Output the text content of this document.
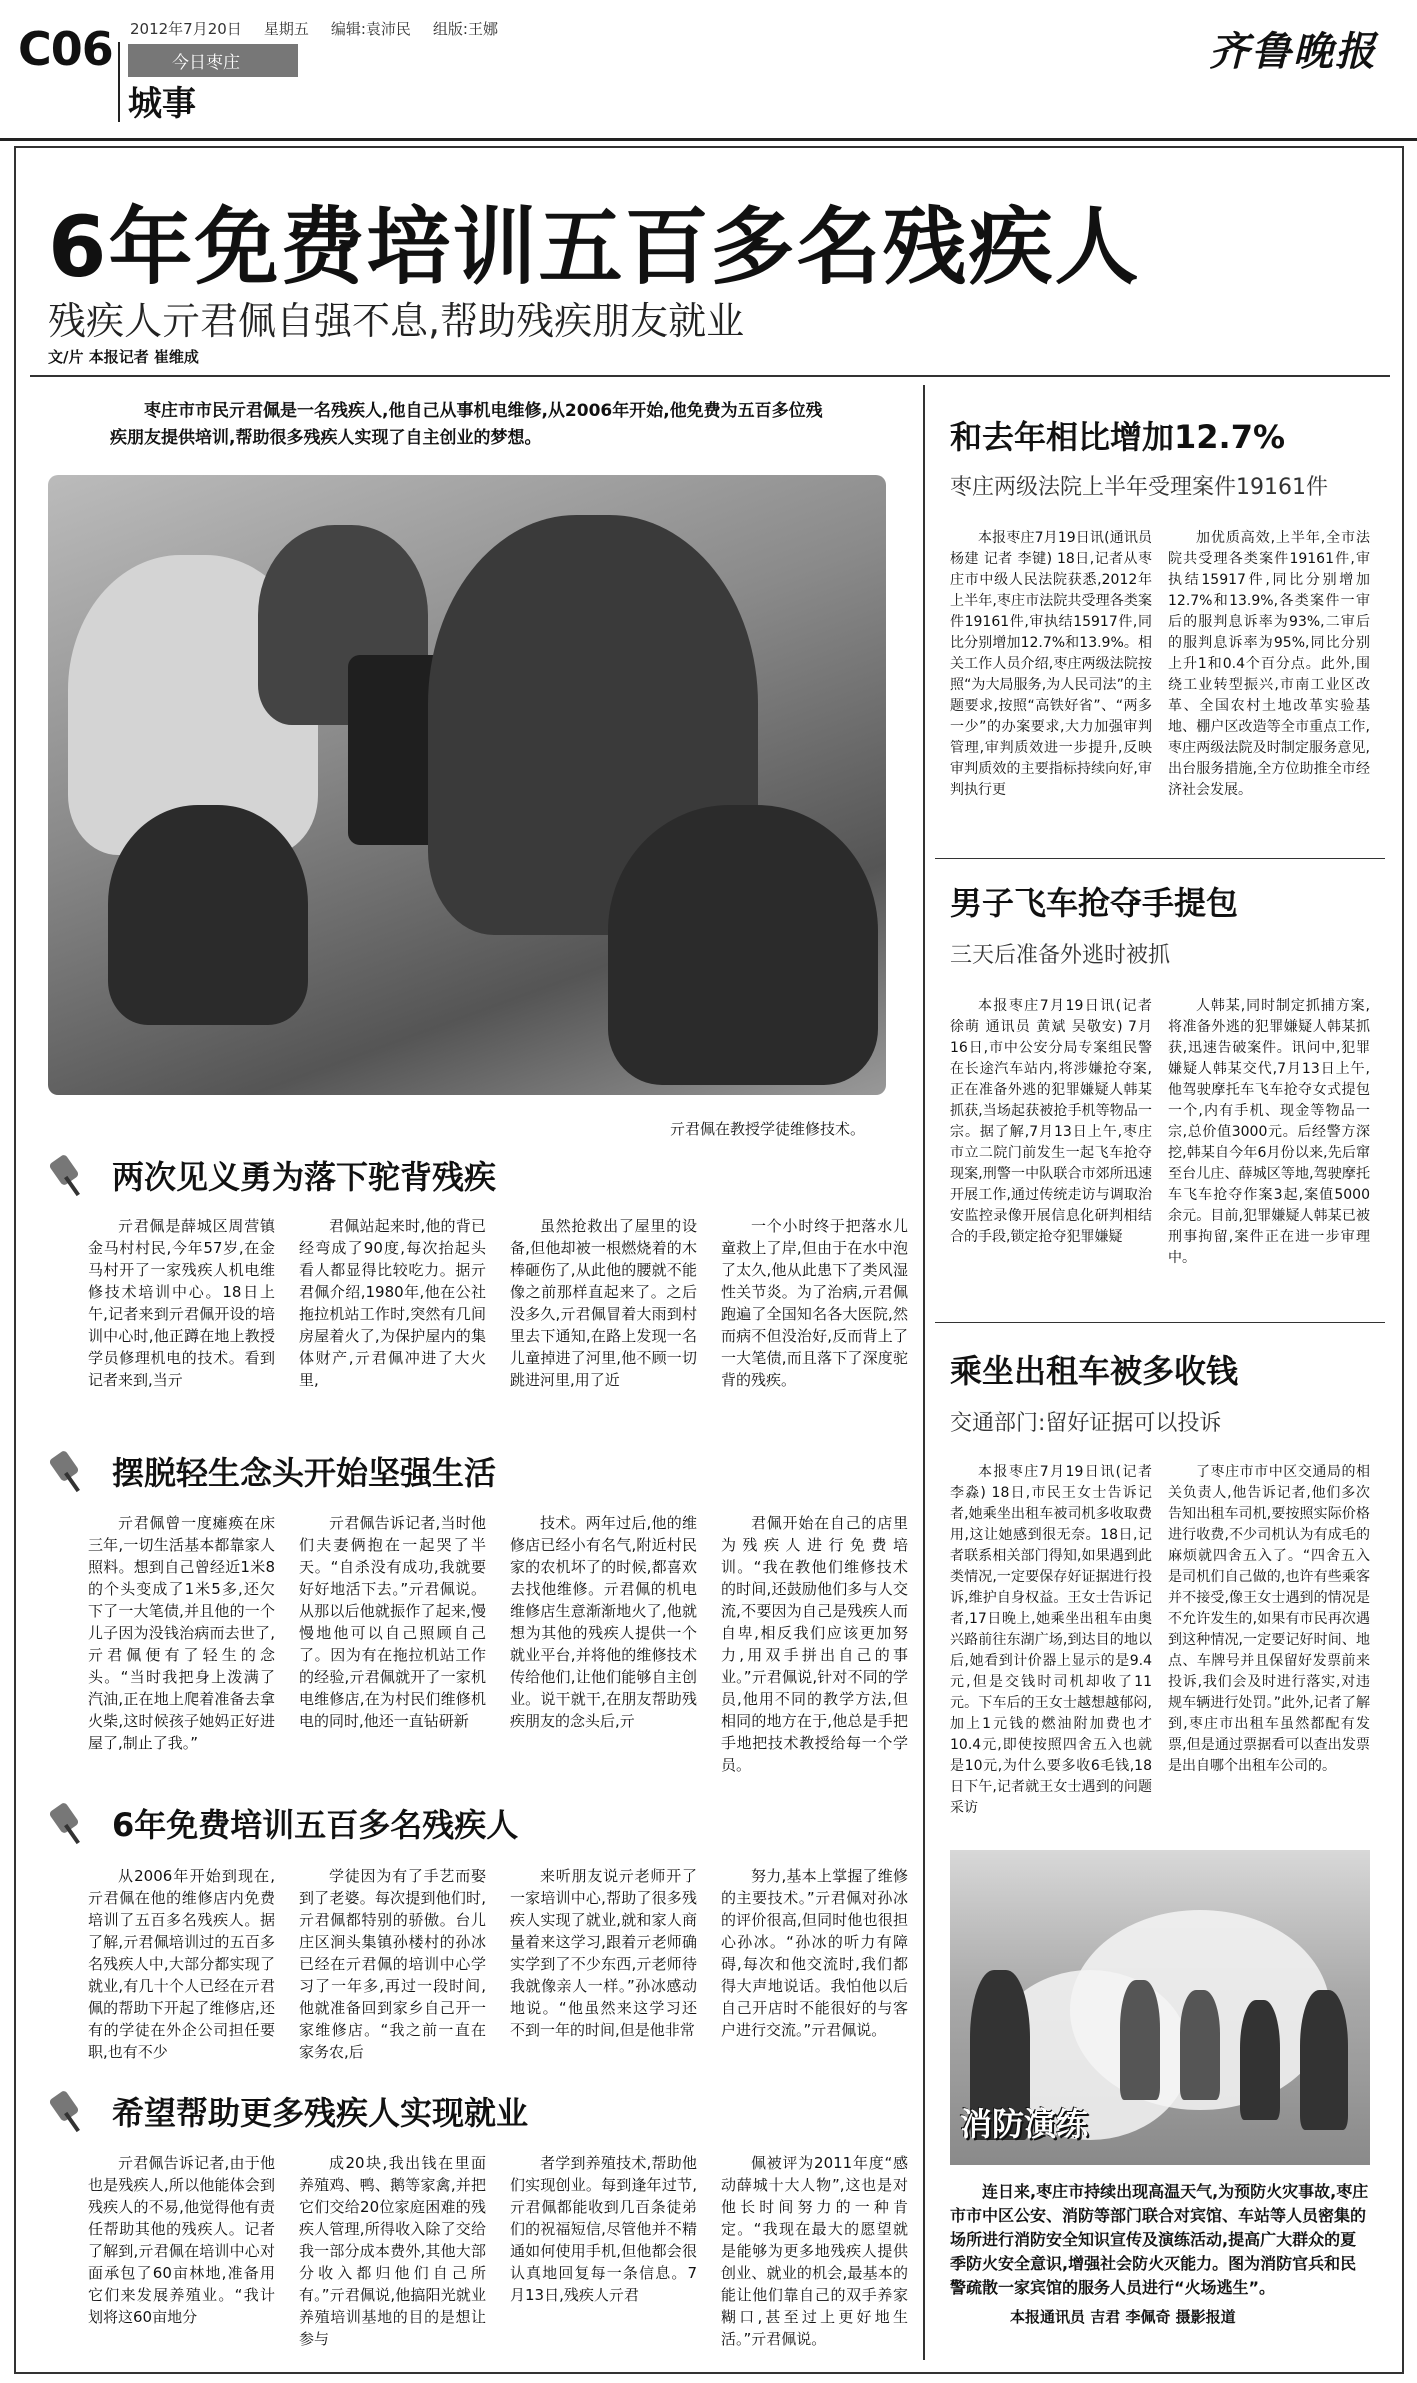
C06 2012年7月20日 星期五 编辑:袁沛民 组版:王娜
今日枣庄
城事
齐鲁晚报
6年免费培训五百多名残疾人
残疾人亓君佩自强不息,帮助残疾朋友就业
文/片 本报记者 崔维成

枣庄市市民亓君佩是一名残疾人,他自己从事机电维修,从2006年开始,他免费为五百多位残疾朋友提供培训,帮助很多残疾人实现了自主创业的梦想。

亓君佩在教授学徒维修技术。
两次见义勇为落下驼背残疾

亓君佩是薛城区周营镇金马村村民,今年57岁,在金马村开了一家残疾人机电维修技术培训中心。18日上午,记者来到亓君佩开设的培训中心时,他正蹲在地上教授学员修理机电的技术。看到记者来到,当亓

君佩站起来时,他的背已经弯成了90度,每次抬起头看人都显得比较吃力。据亓君佩介绍,1980年,他在公社拖拉机站工作时,突然有几间房屋着火了,为保护屋内的集体财产,亓君佩冲进了大火里,

虽然抢救出了屋里的设备,但他却被一根燃烧着的木棒砸伤了,从此他的腰就不能像之前那样直起来了。之后没多久,亓君佩冒着大雨到村里去下通知,在路上发现一名儿童掉进了河里,他不顾一切跳进河里,用了近

一个小时终于把落水儿童救上了岸,但由于在水中泡了太久,他从此患下了类风湿性关节炎。为了治病,亓君佩跑遍了全国知名各大医院,然而病不但没治好,反而背上了一大笔债,而且落下了深度驼背的残疾。

摆脱轻生念头开始坚强生活

亓君佩曾一度瘫痪在床三年,一切生活基本都靠家人照料。想到自己曾经近1米8的个头变成了1米5多,还欠下了一大笔债,并且他的一个儿子因为没钱治病而去世了,亓君佩便有了轻生的念头。“当时我把身上泼满了汽油,正在地上爬着准备去拿火柴,这时候孩子她妈正好进屋了,制止了我。”

亓君佩告诉记者,当时他们夫妻俩抱在一起哭了半天。“自杀没有成功,我就要好好地活下去。”亓君佩说。从那以后他就振作了起来,慢慢地他可以自己照顾自己了。因为有在拖拉机站工作的经验,亓君佩就开了一家机电维修店,在为村民们维修机电的同时,他还一直钻研新

技术。两年过后,他的维修店已经小有名气,附近村民家的农机坏了的时候,都喜欢去找他维修。亓君佩的机电维修店生意渐渐地火了,他就想为其他的残疾人提供一个就业平台,并将他的维修技术传给他们,让他们能够自主创业。说干就干,在朋友帮助残疾朋友的念头后,亓

君佩开始在自己的店里为残疾人进行免费培训。“我在教他们维修技术的时间,还鼓励他们多与人交流,不要因为自己是残疾人而自卑,相反我们应该更加努力,用双手拼出自己的事业。”亓君佩说,针对不同的学员,他用不同的教学方法,但相同的地方在于,他总是手把手地把技术教授给每一个学员。

6年免费培训五百多名残疾人

从2006年开始到现在,亓君佩在他的维修店内免费培训了五百多名残疾人。据了解,亓君佩培训过的五百多名残疾人中,大部分都实现了就业,有几十个人已经在亓君佩的帮助下开起了维修店,还有的学徒在外企公司担任要职,也有不少

学徒因为有了手艺而娶到了老婆。每次提到他们时,亓君佩都特别的骄傲。台儿庄区涧头集镇孙楼村的孙冰已经在亓君佩的培训中心学习了一年多,再过一段时间,他就准备回到家乡自己开一家维修店。“我之前一直在家务农,后

来听朋友说亓老师开了一家培训中心,帮助了很多残疾人实现了就业,就和家人商量着来这学习,跟着亓老师确实学到了不少东西,亓老师待我就像亲人一样。”孙冰感动地说。“他虽然来这学习还不到一年的时间,但是他非常

努力,基本上掌握了维修的主要技术。”亓君佩对孙冰的评价很高,但同时他也很担心孙冰。“孙冰的听力有障碍,每次和他交流时,我们都得大声地说话。我怕他以后自己开店时不能很好的与客户进行交流。”亓君佩说。

希望帮助更多残疾人实现就业

亓君佩告诉记者,由于他也是残疾人,所以他能体会到残疾人的不易,他觉得他有责任帮助其他的残疾人。记者了解到,亓君佩在培训中心对面承包了60亩林地,准备用它们来发展养殖业。“我计划将这60亩地分

成20块,我出钱在里面养殖鸡、鸭、鹅等家禽,并把它们交给20位家庭困难的残疾人管理,所得收入除了交给我一部分成本费外,其他大部分收入都归他们自己所有。”亓君佩说,他搞阳光就业养殖培训基地的目的是想让参与

者学到养殖技术,帮助他们实现创业。每到逢年过节,亓君佩都能收到几百条徒弟们的祝福短信,尽管他并不精通如何使用手机,但他都会很认真地回复每一条信息。7月13日,残疾人亓君

佩被评为2011年度“感动薛城十大人物”,这也是对他长时间努力的一种肯定。“我现在最大的愿望就是能够为更多地残疾人提供创业、就业的机会,最基本的能让他们靠自己的双手养家糊口,甚至过上更好地生活。”亓君佩说。

和去年相比增加12.7%
枣庄两级法院上半年受理案件19161件

本报枣庄7月19日讯(通讯员 杨建 记者 李键) 18日,记者从枣庄市中级人民法院获悉,2012年上半年,枣庄市法院共受理各类案件19161件,审执结15917件,同比分别增加12.7%和13.9%。相关工作人员介绍,枣庄两级法院按照“为大局服务,为人民司法”的主题要求,按照“高铁好省”、“两多一少”的办案要求,大力加强审判管理,审判质效进一步提升,反映审判质效的主要指标持续向好,审判执行更

加优质高效,上半年,全市法院共受理各类案件19161件,审执结15917件,同比分别增加12.7%和13.9%,各类案件一审后的服判息诉率为93%,二审后的服判息诉率为95%,同比分别上升1和0.4个百分点。此外,围绕工业转型振兴,市南工业区改革、全国农村土地改革实验基地、棚户区改造等全市重点工作,枣庄两级法院及时制定服务意见,出台服务措施,全方位助推全市经济社会发展。

男子飞车抢夺手提包
三天后准备外逃时被抓

本报枣庄7月19日讯(记者 徐萌 通讯员 黄斌 吴敬安) 7月16日,市中公安分局专案组民警在长途汽车站内,将涉嫌抢夺案,正在准备外逃的犯罪嫌疑人韩某抓获,当场起获被抢手机等物品一宗。据了解,7月13日上午,枣庄市立二院门前发生一起飞车抢夺现案,刑警一中队联合市郊所迅速开展工作,通过传统走访与调取治安监控录像开展信息化研判相结合的手段,锁定抢夺犯罪嫌疑

人韩某,同时制定抓捕方案,将准备外逃的犯罪嫌疑人韩某抓获,迅速告破案件。讯问中,犯罪嫌疑人韩某交代,7月13日上午,他驾驶摩托车飞车抢夺女式提包一个,内有手机、现金等物品一宗,总价值3000元。后经警方深挖,韩某自今年6月份以来,先后窜至台儿庄、薛城区等地,驾驶摩托车飞车抢夺作案3起,案值5000余元。目前,犯罪嫌疑人韩某已被刑事拘留,案件正在进一步审理中。

乘坐出租车被多收钱
交通部门:留好证据可以投诉

本报枣庄7月19日讯(记者 李淼) 18日,市民王女士告诉记者,她乘坐出租车被司机多收取费用,这让她感到很无奈。18日,记者联系相关部门得知,如果遇到此类情况,一定要保存好证据进行投诉,维护自身权益。王女士告诉记者,17日晚上,她乘坐出租车由奥兴路前往东湖广场,到达目的地以后,她看到计价器上显示的是9.4元,但是交钱时司机却收了11元。下车后的王女士越想越郁闷,加上1元钱的燃油附加费也才10.4元,即使按照四舍五入也就是10元,为什么要多收6毛钱,18日下午,记者就王女士遇到的问题采访

了枣庄市市中区交通局的相关负责人,他告诉记者,他们多次告知出租车司机,要按照实际价格进行收费,不少司机认为有成毛的麻烦就四舍五入了。“四舍五入是司机们自己做的,也许有些乘客并不接受,像王女士遇到的情况是不允许发生的,如果有市民再次遇到这种情况,一定要记好时间、地点、车牌号并且保留好发票前来投诉,我们会及时进行落实,对违规车辆进行处罚。”此外,记者了解到,枣庄市出租车虽然都配有发票,但是通过票据看可以查出发票是出自哪个出租车公司的。

消防演练

连日来,枣庄市持续出现高温天气,为预防火灾事故,枣庄市市中区公安、消防等部门联合对宾馆、车站等人员密集的场所进行消防安全知识宣传及演练活动,提高广大群众的夏季防火安全意识,增强社会防火灭能力。图为消防官兵和民警疏散一家宾馆的服务人员进行“火场逃生”。

本报通讯员 吉君 李佩奇 摄影报道
